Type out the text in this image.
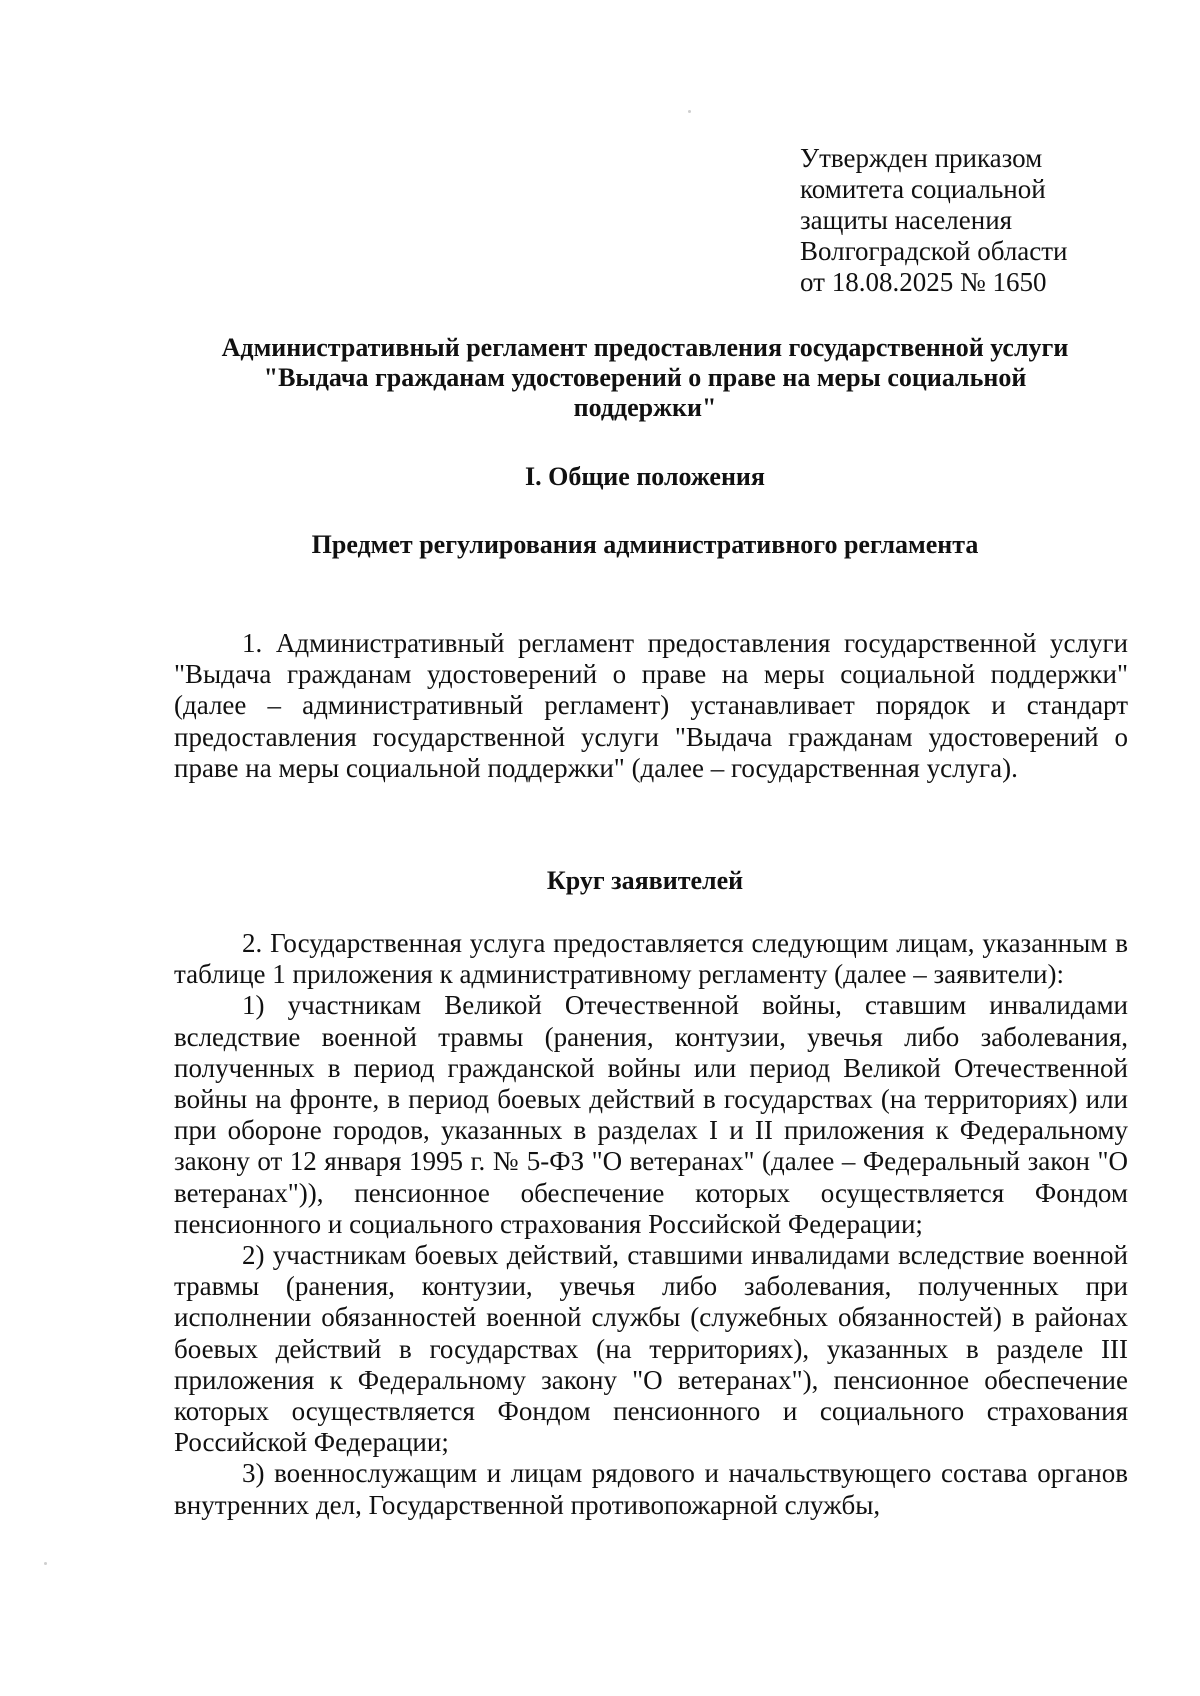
Утвержден приказом
комитета социальной
защиты населения
Волгоградской области
от 18.08.2025 № 1650
Административный регламент предоставления государственной услуги
"Выдача гражданам удостоверений о праве на меры социальной
поддержки"
I. Общие положения
Предмет регулирования административного регламента

1. Административный регламент предоставления государственной услуги "Выдача гражданам удостоверений о праве на меры социальной поддержки" (далее – административный регламент) устанавливает порядок и стандарт предоставления государственной услуги "Выдача гражданам удостоверений о праве на меры социальной поддержки" (далее – государственная услуга).

Круг заявителей

2. Государственная услуга предоставляется следующим лицам, указанным в таблице 1 приложения к административному регламенту (далее – заявители):

1) участникам Великой Отечественной войны, ставшим инвалидами вследствие военной травмы (ранения, контузии, увечья либо заболевания, полученных в период гражданской войны или период Великой Отечественной войны на фронте, в период боевых действий в государствах (на территориях) или при обороне городов, указанных в разделах I и II приложения к Федеральному закону от 12 января 1995 г. № 5-ФЗ "О ветеранах" (далее – Федеральный закон "О ветеранах")), пенсионное обеспечение которых осуществляется Фондом пенсионного и социального страхования Российской Федерации;

2) участникам боевых действий, ставшими инвалидами вследствие военной травмы (ранения, контузии, увечья либо заболевания, полученных при исполнении обязанностей военной службы (служебных обязанностей) в районах боевых действий в государствах (на территориях), указанных в разделе III приложения к Федеральному закону "О ветеранах"), пенсионное обеспечение которых осуществляется Фондом пенсионного и социального страхования Российской Федерации;

3) военнослужащим и лицам рядового и начальствующего состава органов внутренних дел, Государственной противопожарной службы,
